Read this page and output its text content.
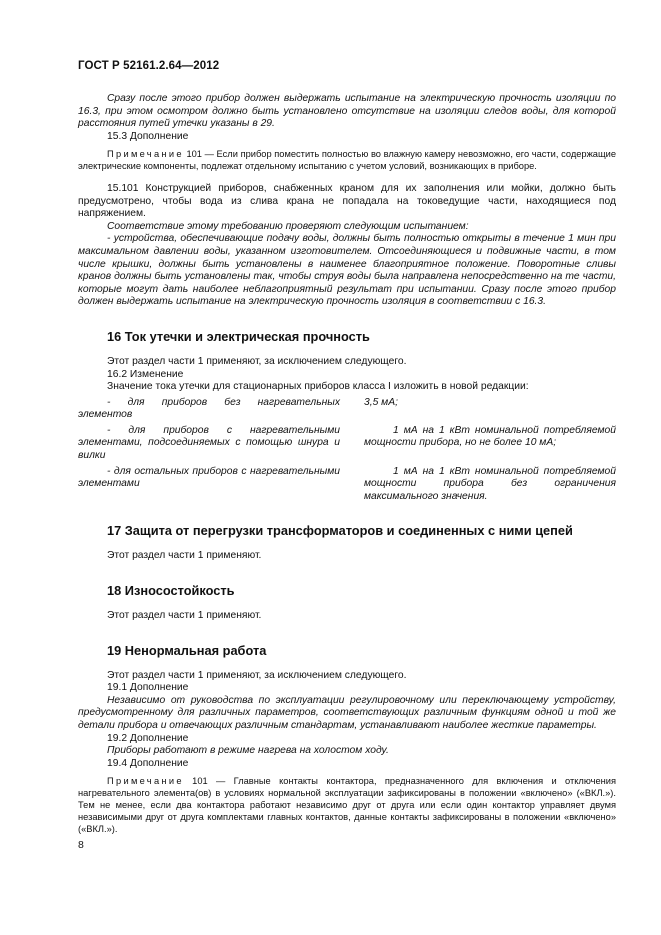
ГОСТ Р 52161.2.64—2012

Сразу после этого прибор должен выдержать испытание на электрическую прочность изоляции по 16.3, при этом осмотром должно быть установлено отсутствие на изоляции следов воды, для которой расстояния путей утечки указаны в 29.

15.3 Дополнение

Примечание 101 — Если прибор поместить полностью во влажную камеру невозможно, его части, содержащие электрические компоненты, подлежат отдельному испытанию с учетом условий, возникающих в приборе.

15.101 Конструкцией приборов, снабженных краном для их заполнения или мойки, должно быть предусмотрено, чтобы вода из слива крана не попадала на токоведущие части, находящиеся под напряжением.

Соответствие этому требованию проверяют следующим испытанием:

- устройства, обеспечивающие подачу воды, должны быть полностью открыты в течение 1 мин при максимальном давлении воды, указанном изготовителем. Отсоединяющиеся и подвижные части, в том числе крышки, должны быть установлены в наименее благоприятное положение. Поворотные сливы кранов должны быть установлены так, чтобы струя воды была направлена непосредственно на те части, которые могут дать наиболее неблагоприятный результат при испытании. Сразу после этого прибор должен выдержать испытание на электрическую прочность изоляция в соответствии с 16.3.

16 Ток утечки и электрическая прочность

Этот раздел части 1 применяют, за исключением следующего.

16.2 Изменение

Значение тока утечки для стационарных приборов класса I изложить в новой редакции:

- для приборов без нагревательных элементов

3,5 мА;

- для приборов с нагревательными элементами, подсоединяемых с помощью шнура и вилки

1 мА на 1 кВт номинальной потребляемой мощности прибора, но не более 10 мА;

- для остальных приборов с нагревательными элементами

1 мА на 1 кВт номинальной потребляемой мощности прибора без ограничения максимального значения.

17 Защита от перегрузки трансформаторов и соединенных с ними цепей

Этот раздел части 1 применяют.

18 Износостойкость

Этот раздел части 1 применяют.

19 Ненормальная работа

Этот раздел части 1 применяют, за исключением следующего.

19.1 Дополнение

Независимо от руководства по эксплуатации регулировочному или переключающему устройству, предусмотренному для различных параметров, соответствующих различным функциям одной и той же детали прибора и отвечающих различным стандартам, устанавливают наиболее жесткие параметры.

19.2 Дополнение

Приборы работают в режиме нагрева на холостом ходу.

19.4 Дополнение

Примечание 101 — Главные контакты контактора, предназначенного для включения и отключения нагревательного элемента(ов) в условиях нормальной эксплуатации зафиксированы в положении «включено» («ВКЛ.»). Тем не менее, если два контактора работают независимо друг от друга или если один контактор управляет двумя независимыми друг от друга комплектами главных контактов, данные контакты зафиксированы в положении «включено» («ВКЛ.»).

8
